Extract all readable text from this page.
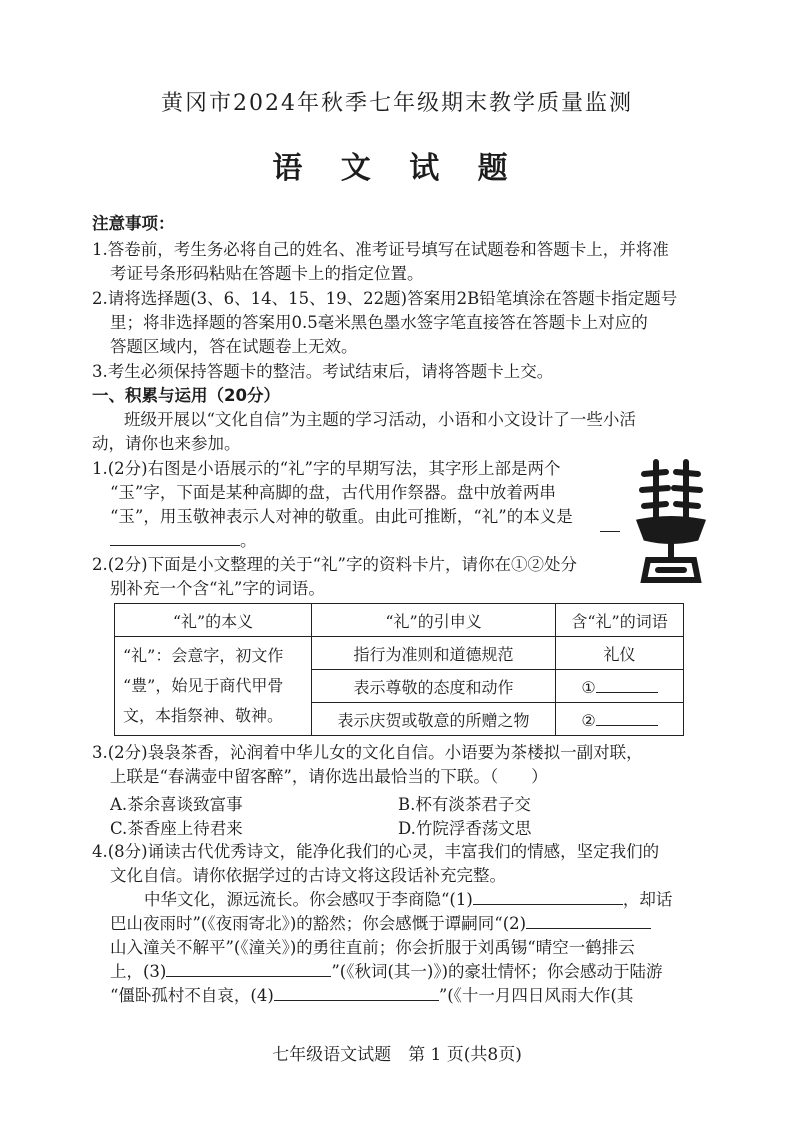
黄冈市2024年秋季七年级期末教学质量监测
语 文 试 题
注意事项：
1.答卷前，考生务必将自己的姓名、准考证号填写在试题卷和答题卡上，并将准
考证号条形码粘贴在答题卡上的指定位置。
2.请将选择题(3、6、14、15、19、22题)答案用2B铅笔填涂在答题卡指定题号
里；将非选择题的答案用0.5毫米黑色墨水签字笔直接答在答题卡上对应的
答题区域内，答在试题卷上无效。
3.考生必须保持答题卡的整洁。考试结束后，请将答题卡上交。
一、积累与运用（20分）
班级开展以“文化自信”为主题的学习活动，小语和小文设计了一些小活
动，请你也来参加。
1.(2分)右图是小语展示的“礼”字的早期写法，其字形上部是两个
“玉”字，下面是某种高脚的盘，古代用作祭器。盘中放着两串
“玉”，用玉敬神表示人对神的敬重。由此可推断，“礼”的本义是
。
2.(2分)下面是小文整理的关于“礼”字的资料卡片，请你在①②处分
别补充一个含“礼”字的词语。
“礼”的本义	“礼”的引申义	含“礼”的词语

“礼”：会意字，初文作
“豊”，始见于商代甲骨
文，本指祭神、敬神。	指行为准则和道德规范	礼仪
	表示尊敬的态度和动作	①
	表示庆贺或敬意的所赠之物	②
3.(2分)袅袅茶香，沁润着中华儿女的文化自信。小语要为茶楼拟一副对联，
上联是“春满壶中留客醉”，请你选出最恰当的下联。（　　）
A.茶余喜谈致富事	B.杯有淡茶君子交
C.茶香座上待君来	D.竹院浮香荡文思
4.(8分)诵读古代优秀诗文，能净化我们的心灵，丰富我们的情感，坚定我们的
文化自信。请你依据学过的古诗文将这段话补充完整。
中华文化，源远流长。你会感叹于李商隐“(1)	，却话
巴山夜雨时”(《夜雨寄北》)的豁然；你会感慨于谭嗣同“(2)
山入潼关不解平”(《潼关》)的勇往直前；你会折服于刘禹锡“晴空一鹤排云
上，(3)	”(《秋词(其一)》)的豪壮情怀；你会感动于陆游
“僵卧孤村不自哀，(4)	”(《十一月四日风雨大作(其
七年级语文试题　第 1 页(共8页)
